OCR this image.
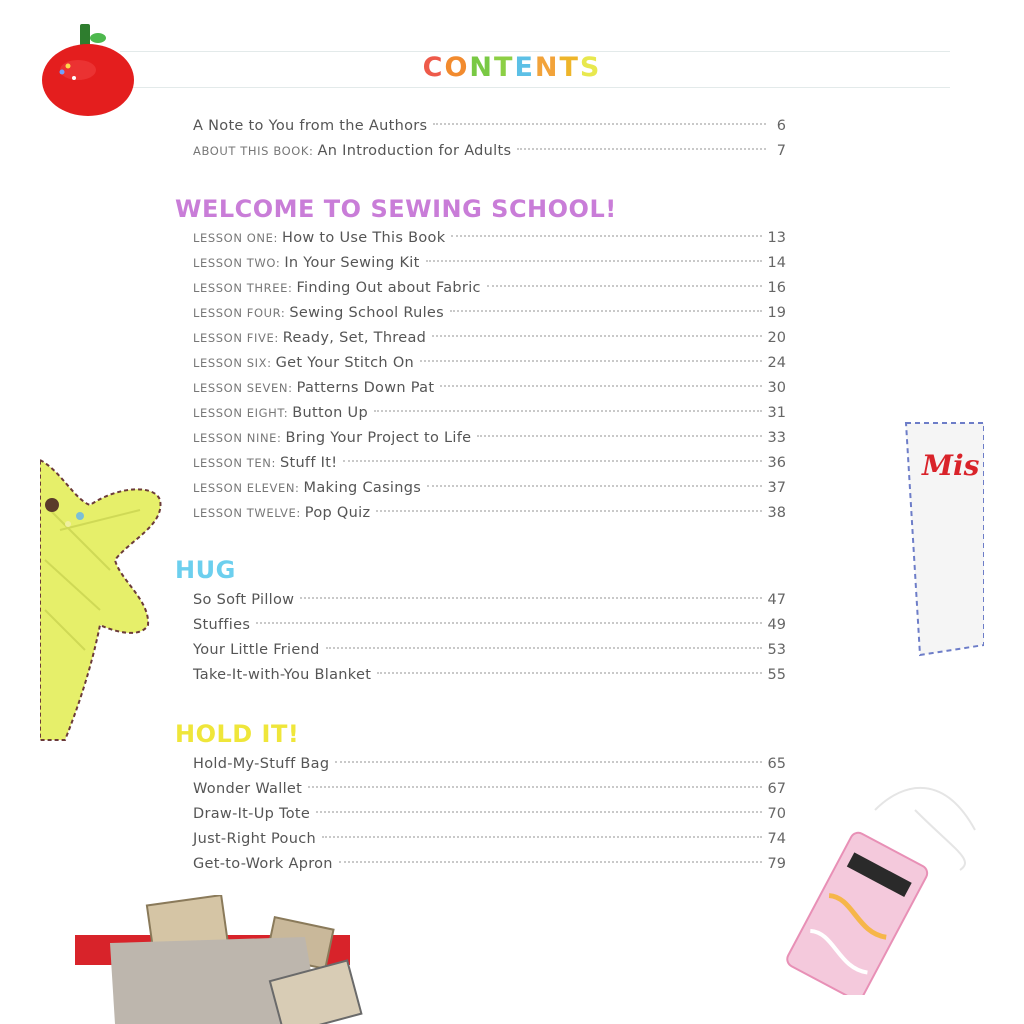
CONTENTS
A Note to You from the Authors	6
ABOUT THIS BOOK: An Introduction for Adults	7
WELCOME TO SEWING SCHOOL!
LESSON ONE: How to Use This Book	13
LESSON TWO: In Your Sewing Kit	14
LESSON THREE: Finding Out about Fabric	16
LESSON FOUR: Sewing School Rules	19
LESSON FIVE: Ready, Set, Thread	20
LESSON SIX: Get Your Stitch On	24
LESSON SEVEN: Patterns Down Pat	30
LESSON EIGHT: Button Up	31
LESSON NINE: Bring Your Project to Life	33
LESSON TEN: Stuff It!	36
LESSON ELEVEN: Making Casings	37
LESSON TWELVE: Pop Quiz	38
HUG
So Soft Pillow	47
Stuffies	49
Your Little Friend	53
Take-It-with-You Blanket	55
HOLD IT!
Hold-My-Stuff Bag	65
Wonder Wallet	67
Draw-It-Up Tote	70
Just-Right Pouch	74
Get-to-Work Apron	79
Mis
